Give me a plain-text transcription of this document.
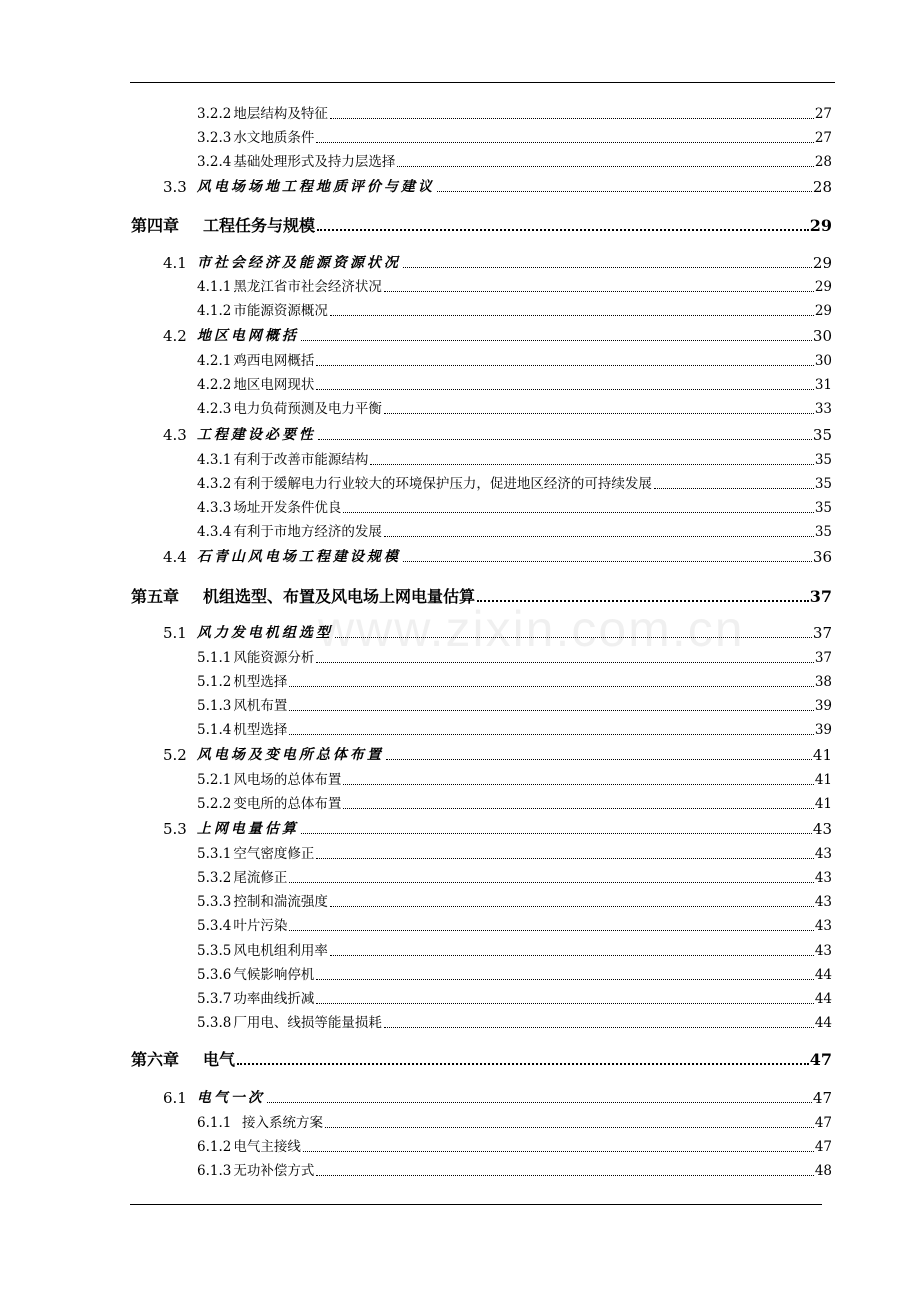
www.zixin.com.cn
3.2.2 地层结构及特征	27
3.2.3 水文地质条件	27
3.2.4 基础处理形式及持力层选择	28
3.3 风电场场地工程地质评价与建议	28
第四章 工程任务与规模	29
4.1 市社会经济及能源资源状况	29
4.1.1 黑龙江省市社会经济状况	29
4.1.2 市能源资源概况	29
4.2 地区电网概括	30
4.2.1 鸡西电网概括	30
4.2.2 地区电网现状	31
4.2.3 电力负荷预测及电力平衡	33
4.3 工程建设必要性	35
4.3.1 有利于改善市能源结构	35
4.3.2 有利于缓解电力行业较大的环境保护压力，促进地区经济的可持续发展	35
4.3.3 场址开发条件优良	35
4.3.4 有利于市地方经济的发展	35
4.4 石青山风电场工程建设规模	36
第五章 机组选型、布置及风电场上网电量估算	37
5.1 风力发电机组选型	37
5.1.1 风能资源分析	37
5.1.2 机型选择	38
5.1.3 风机布置	39
5.1.4 机型选择	39
5.2 风电场及变电所总体布置	41
5.2.1 风电场的总体布置	41
5.2.2 变电所的总体布置	41
5.3 上网电量估算	43
5.3.1 空气密度修正	43
5.3.2 尾流修正	43
5.3.3 控制和湍流强度	43
5.3.4 叶片污染	43
5.3.5 风电机组利用率	43
5.3.6 气候影响停机	44
5.3.7 功率曲线折减	44
5.3.8 厂用电、线损等能量损耗	44
第六章 电气	47
6.1 电气一次	47
6.1.1 接入系统方案	47
6.1.2 电气主接线	47
6.1.3 无功补偿方式	48
